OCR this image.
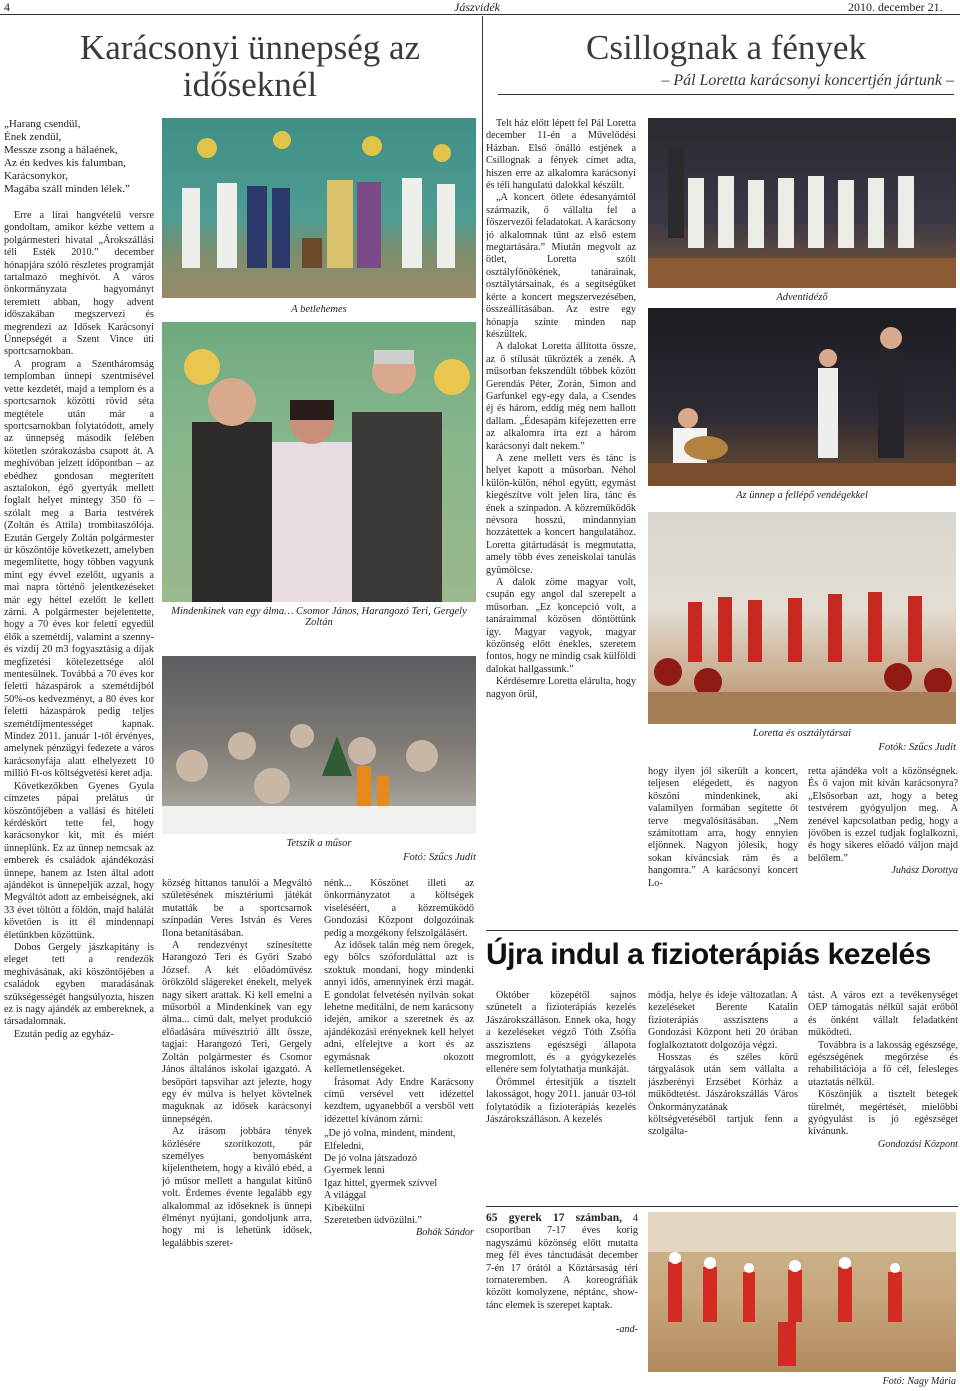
4	Jászvidék	2010. december 21.
Karácsonyi ünnepség az időseknél
Csillognak a fények
– Pál Loretta karácsonyi koncertjén jártunk –
„Harang csendül,
Ének zendül,
Messze zsong a hálaének,
Az én kedves kis falumban,
Karácsonykor,
Magába száll minden lélek.”

Erre a lírai hangvételű versre gondoltam, amikor kézbe vettem a polgármesteri hivatal „Árokszállási téli Esték 2010.” december hónapjára szóló részletes programját tartalmazó meghívót. A város önkormányzata hagyományt teremtett abban, hogy advent időszakában megszervezi és megrendezi az Idősek Karácsonyi Ünnepségét a Szent Vince úti sportcsarnokban.

A program a Szentháromság templomban ünnepi szentmisével vette kezdetét, majd a templom és a sportcsarnok közötti rövid séta megtétele után már a sportcsarnokban folytatódott, amely az ünnepség második felében kötetlen szórakozásba csapott át. A meghívóban jelzett időpontban – az ebédhez gondosan megterített asztalokon, égő gyertyák mellett foglalt helyet mintegy 350 fő – szólalt meg a Barta testvérek (Zoltán és Attila) trombitaszólója. Ezután Gergely Zoltán polgármester úr köszöntője következett, amelyben megemlítette, hogy többen vagyunk mint egy évvel ezelőtt, ugyanis a mai napra történő jelentkezéseket már egy héttel ezelőtt le kellett zárni. A polgármester bejelentette, hogy a 70 éves kor feletti egyedül élők a szemétdíj, valamint a szenny- és vízdíj 20 m3 fogyasztásig a díjak megfizetési kötelezettsége alól mentesülnek. Továbbá a 70 éves kor feletti házaspárok a szemétdíjból 50%-os kedvezményt, a 80 éves kor feletti házaspárok pedig teljes szemétdíjmentességet kapnak. Mindez 2011. január 1-től érvényes, amelynek pénzügyi fedezete a város karácsonyfája alatt elhelyezett 10 millió Ft-os költségvetési keret adja.

Következőkben Gyenes Gyula címzetes pápai prelátus úr köszöntőjében a vallási és hitéleti kérdéskört tette fel, hogy karácsonykor kit, mit és miért ünneplünk. Ez az ünnep nemcsak az emberek és családok ajándékozási ünnepe, hanem az Isten által adott ajándékot is ünnepeljük azzal, hogy Megváltót adott az embeiségnek, aki 33 évet töltött a földön, majd halálát követően is itt él mindennapi életünkben közöttünk.

Dobos Gergely jászkapitány is eleget tett a rendezők meghívásának, aki köszöntőjében a családok egyben maradásának szükségességét hangsúlyozta, hiszen ez is nagy ajándék az embereknek, a társadalomnak.

Ezután pedig az egyház-

A betlehemes
Mindenkinek van egy álma… Csomor János, Harangozó Teri, Gergely Zoltán
Tetszik a műsor
Fotó: Szűcs Judit

község hittanos tanulói a Megváltó születésének misztériumi játékát mutatták be a sportcsarnok színpadán Veres István és Veres Ilona betanításában.

A rendezvényt színesítette Harangozó Teri és Győri Szabó József. A két előadóművész örökzöld slágereket énekelt, melyek nagy sikert arattak. Ki kell emelni a műsorból a Mindenkinek van egy álma... című dalt, melyet produkció előadására művésztrió állt össze, tagjai: Harangozó Teri, Gergely Zoltán polgármester és Csomor János általános iskolai igazgató. A besöpört tapsvihar azt jelezte, hogy egy év múlva is helyet kövtelnek maguknak az idősek karácsonyi ünnepségén.

Az írásom jobbára tények közlésére szorítkozott, pár személyes benyomásként kijelenthetem, hogy a kiváló ebéd, a jó műsor mellett a hangulat kitűnő volt. Érdemes évente legalább egy alkalommal az időseknek is ünnepi élményt nyújtani, gondoljunk arra, hogy mi is lehetünk idősek, legalábbis szeret-

nénk... Köszönet illeti az önkormányzatot a költségek viseléséért, a közreműködő Gondozási Központ dolgozóinak pedig a mozgékony felszolgálásért.

Az idősek talán még nem öregek, egy bölcs szóforduláttal azt is szoktuk mondani, hogy mindenki annyi idős, amennyinek érzi magát. E gondolat felvetésén nyilván sokat lehetne meditálni, de nem karácsony idején, amikor a szeretnek és az ajándékozási erényeknek kell helyet adni, elfelejtve a kort és az egymásnak okozott kellemetlenségeket.

Írásomat Ady Endre Karácsony című versével vett idézettel kezdtem, ugyanebből a versből vett idézettel kívánom zárni:

„De jó volna, mindent, mindent,
Elfeledni,
De jó volna játszadozó
Gyermek lenni
Igaz hittel, gyermek szívvel
A világgal
Kibékülni
Szeretetben üdvözülni.”

Bohák Sándor

Telt ház előtt lépett fel Pál Loretta december 11-én a Művelődési Házban. Első önálló estjének a Csillognak a fények címet adta, hiszen erre az alkalomra karácsonyi és téli hangulatú dalokkal készült.

„A koncert ötlete édesanyámtól származik, ő vállalta fel a főszervezői feladatokat. A karácsony jó alkalomnak tűnt az első estem megtartására.” Miután megvolt az ötlet, Loretta szólt osztályfőnökének, tanárainak, osztálytársainak, és a segítségüket kérte a koncert megszervezésében, összeállításában. Az estre egy hónapja szinte minden nap készültek.

A dalokat Loretta állította össze, az ő stílusát tükrözték a zenék. A műsorban fekszendült többek között Gerendás Péter, Zorán, Simon and Garfunkel egy-egy dala, a Csendes éj és három, eddig még nem hallott dallam. „Édesapám kifejezetten erre az alkalomra írta ezt a három karácsonyi dalt nekem.”

A zene mellett vers és tánc is helyet kapott a műsorban. Néhol külön-külön, néhol együtt, egymást kiegészítve volt jelen líra, tánc és ének a színpadon. A közreműködők névsora hosszú, mindannyian hozzátettek a koncert hangulatához. Loretta gitártudását is megmutatta, amely több éves zeneiskolai tanulás gyümölcse.

A dalok zöme magyar volt, csupán egy angol dal szerepelt a műsorban. „Ez koncepció volt, a tanáraimmal közösen döntöttünk így. Magyar vagyok, magyar közönség előtt énekles, szeretem fontos, hogy ne mindig csak külföldi dalokat hallgassunk.”

Kérdésemre Loretta elárulta, hogy nagyon örül,

Adventidéző
Az ünnep a fellépő vendégekkel
Loretta és osztálytársai
Fotók: Szűcs Judit

hogy ilyen jól sikerült a koncert, teljesen elégedett, és nagyon köszöni mindenkinek, aki valamilyen formában segítette őt terve megvalósításában. „Nem számítottam arra, hogy ennyien eljönnek. Nagyon jólesik, hogy sokan kíváncsiak rám és a hangomra.” A karácsonyi koncert Lo-

retta ajándéka volt a közönségnek. És ő vajon mit kíván karácsonyra? „Elsősorban azt, hogy a beteg testvérem gyógyuljon meg. A zenével kapcsolatban pedig, hogy a jövőben is ezzel tudjak foglalkozni, és hogy sikeres előadó váljon majd belőlem.”

Juhász Dorottya

Újra indul a fizioterápiás kezelés

Október közepétől sajnos szünetelt a fizioterápiás kezelés Jászárokszálláson. Ennek oka, hogy a kezeléseket végző Tóth Zsófia asszisztens egészségi állapota megromlott, és a gyógykezelés ellenére sem folytathatja munkáját.

Örömmel értesítjük a tisztelt lakosságot, hogy 2011. január 03-tól folytatódik a fizioterápiás kezelés Jászárokszálláson. A kezelés

módja, helye és ideje változatlan. A kezeléseket Berente Katalin fizioterápiás asszisztens a Gondozási Központ heti 20 órában foglalkoztatott dolgozója végzi.

Hosszas és széles körű tárgyalások után sem vállalta a jászberényi Erzsébet Kórház a működtetést. Jászárokszállás Város Önkormányzatának költségvetéséből tartjuk fenn a szolgálta-

tást. A város ezt a tevékenységet OEP támogatás nélkül saját erőből és önként vállalt feladatként működteti.

Továbbra is a lakosság egészsége, egészségének megőrzése és rehabilitációja a fő cél, felesleges utaztatás nélkül.

Köszönjük a tisztelt betegek türelmét, megértését, mielőbbi gyógyulást is jó egészséget kívánunk.

Gondozási Központ

65 gyerek 17 számban, 4 csoportban 7-17 éves korig nagyszámú közönség előtt mutatta meg fél éves tánctudását december 7-én 17 órától a Köztársaság téri tornateremben. A koreográfiák között komolyzene, néptánc, show-tánc elemek is szerepet kaptak.

-and-

Fotó: Nagy Mária
